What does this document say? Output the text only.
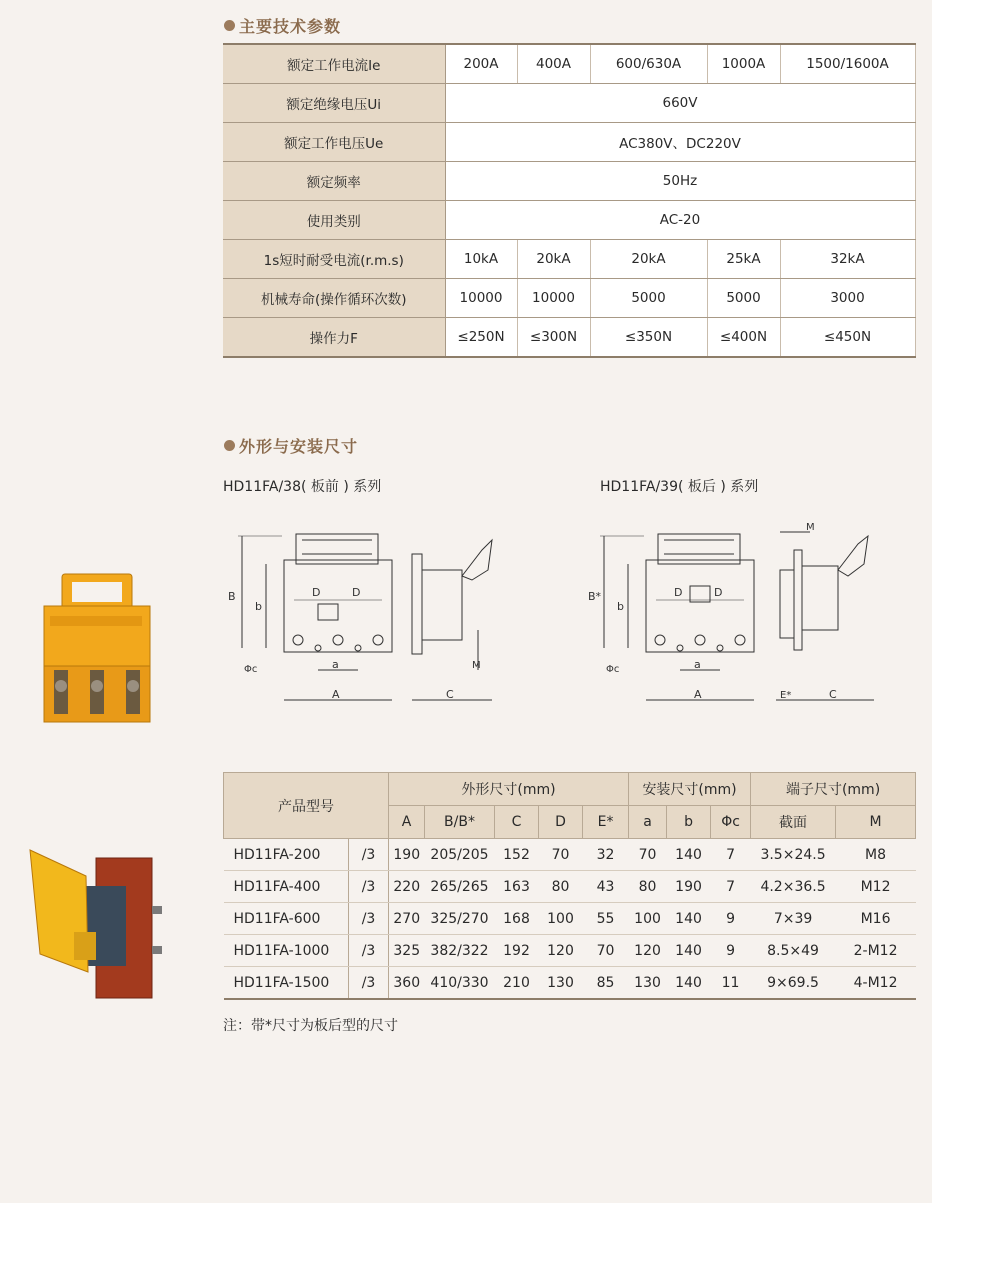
主要技术参数
额定工作电流Ie	200A	400A	600/630A	1000A	1500/1600A
额定绝缘电压Ui	660V				
额定工作电压Ue	AC380V、DC220V				
额定频率	50Hz				
使用类别	AC-20				
1s短时耐受电流(r.m.s)	10kA	20kA	20kA	25kA	32kA
机械寿命(操作循环次数)	10000	10000	5000	5000	3000
操作力F	≤250N	≤300N	≤350N	≤400N	≤450N
外形与安装尺寸
HD11FA/38( 板前 ) 系列	HD11FA/39( 板后 ) 系列
B
b
D	D
a
Φc
A
M
C
B*
b
D	D
a
Φc
A
M
E*	C
产品型号		外形尺寸(mm)					安装尺寸(mm)			端子尺寸(mm)	
		A	B/B*	C	D	E*	a	b	Φc	截面	M
HD11FA-200	/3	190	205/205	152	70	32	70	140	7	3.5×24.5	M8
HD11FA-400	/3	220	265/265	163	80	43	80	190	7	4.2×36.5	M12
HD11FA-600	/3	270	325/270	168	100	55	100	140	9	7×39	M16
HD11FA-1000	/3	325	382/322	192	120	70	120	140	9	8.5×49	2-M12
HD11FA-1500	/3	360	410/330	210	130	85	130	140	11	9×69.5	4-M12
注：带*尺寸为板后型的尺寸
